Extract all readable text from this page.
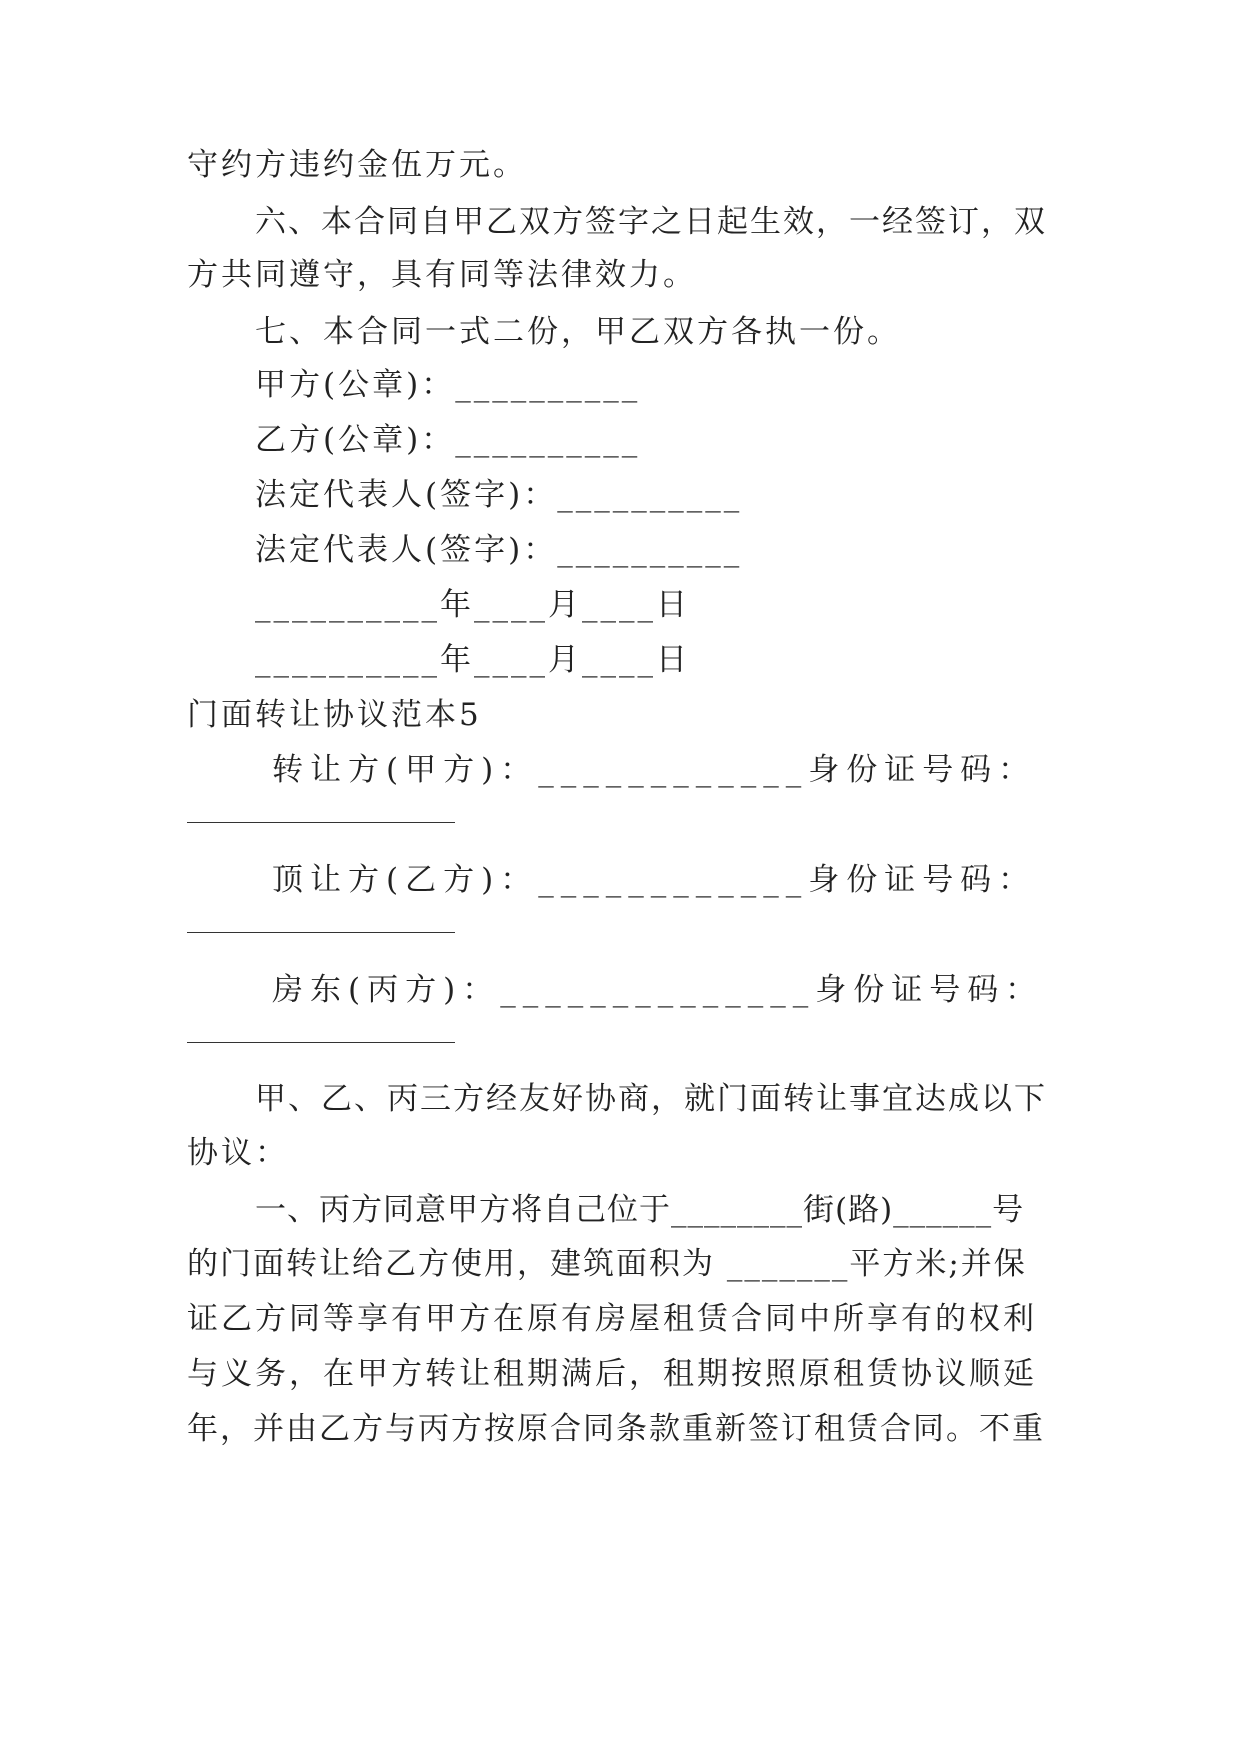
守约方违约金伍万元。
六、本合同自甲乙双方签字之日起生效，一经签订，双
方共同遵守，具有同等法律效力。
七、本合同一式二份，甲乙双方各执一份。
甲方(公章)：__________
乙方(公章)：__________
法定代表人(签字)：__________
法定代表人(签字)：__________
__________年____月____日
__________年____月____日
门面转让协议范本5
转让方(甲方)：____________身份证号码：
顶让方(乙方)：____________身份证号码：
房东(丙方)：______________身份证号码：
甲、乙、丙三方经友好协商，就门面转让事宜达成以下
协议：
一、丙方同意甲方将自己位于________街(路)______号
的门面转让给乙方使用，建筑面积为 _______平方米;并保
证乙方同等享有甲方在原有房屋租赁合同中所享有的权利
与义务，在甲方转让租期满后，租期按照原租赁协议顺延
年，并由乙方与丙方按原合同条款重新签订租赁合同。不重
